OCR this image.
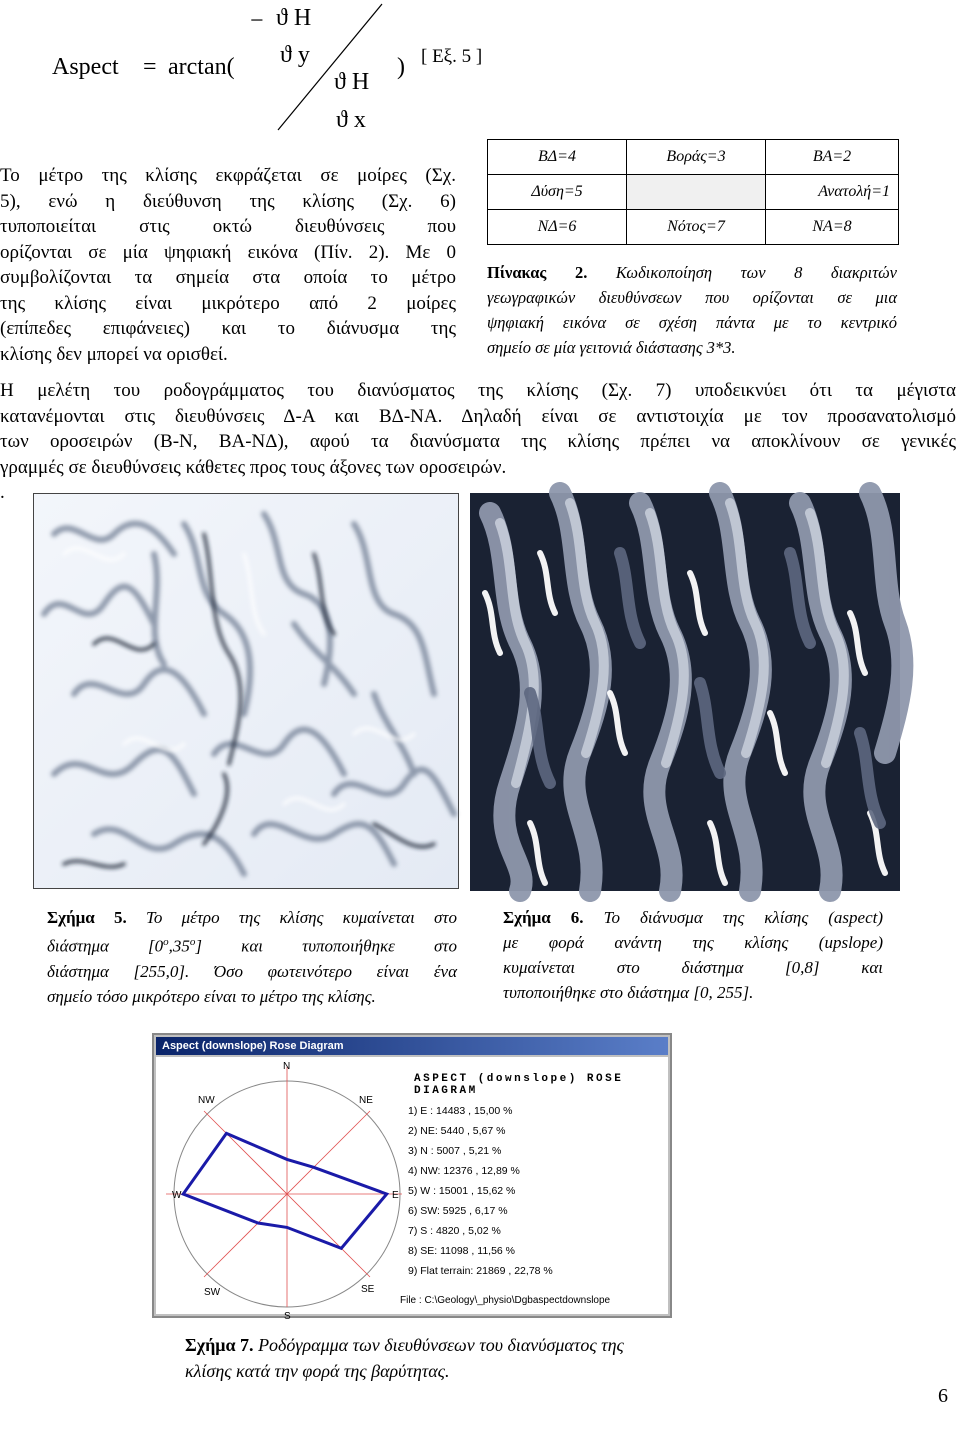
Aspect = arctan(
− ϑ H
ϑ y
ϑ H
ϑ x
) [ Εξ. 5 ]
Το μέτρο της κλίσης εκφράζεται σε μοίρες (Σχ.
5), ενώ η διεύθυνση της κλίσης (Σχ. 6)
τυποποιείται στις οκτώ διευθύνσεις που
ορίζονται σε μία ψηφιακή εικόνα (Πίν. 2). Με 0
συμβολίζονται τα σημεία στα οποία το μέτρο
της κλίσης είναι μικρότερο από 2 μοίρες
(επίπεδες επιφάνειες) και το διάνυσμα της
κλίσης δεν μπορεί να ορισθεί.
ΒΔ=4	Βοράς=3	ΒΑ=2
Δύση=5		Ανατολή=1
ΝΔ=6	Νότος=7	ΝΑ=8
Πίνακας 2. Κωδικοποίηση των 8 διακριτών
γεωγραφικών διευθύνσεων που ορίζονται σε μια
ψηφιακή εικόνα σε σχέση πάντα με το κεντρικό
σημείο σε μία γειτονιά διάστασης 3*3.
Η μελέτη του ροδογράμματος του διανύσματος της κλίσης (Σχ. 7) υποδεικνύει ότι τα μέγιστα
κατανέμονται στις διευθύνσεις Δ-Α και ΒΔ-ΝΑ. Δηλαδή είναι σε αντιστοιχία με τον προσανατολισμό
των οροσειρών (Β-Ν, ΒΑ-ΝΔ), αφού τα διανύσματα της κλίσης πρέπει να αποκλίνουν σε γενικές
γραμμές σε διευθύνσεις κάθετες προς τους άξονες των οροσειρών.
.
Σχήμα 5. Το μέτρο της κλίσης κυμαίνεται στο
διάστημα [0$^o$,35$^o$] και τυποποιήθηκε στο
διάστημα [255,0]. Όσο φωτεινότερο είναι ένα
σημείο τόσο μικρότερο είναι το μέτρο της κλίσης.
Σχήμα 6. Το διάνυσμα της κλίσης (aspect)
με φορά ανάντη της κλίσης (upslope)
κυμαίνεται στο διάστημα [0,8] και
τυποποιήθηκε στο διάστημα [0, 255].
Aspect (downslope) Rose Diagram
N
NE
E
SE
S
SW
W
NW
ASPECT (downslope) ROSE DIAGRAM
1) E : 14483 , 15,00 %
2) NE: 5440 , 5,67 %
3) N : 5007 , 5,21 %
4) NW: 12376 , 12,89 %
5) W : 15001 , 15,62 %
6) SW: 5925 , 6,17 %
7) S : 4820 , 5,02 %
8) SE: 11098 , 11,56 %
9) Flat terrain: 21869 , 22,78 %
File : C:\Geology\_physio\Dgbaspectdownslope
Σχήμα 7. Ροδόγραμμα των διευθύνσεων του διανύσματος της
κλίσης κατά την φορά της βαρύτητας.
6
